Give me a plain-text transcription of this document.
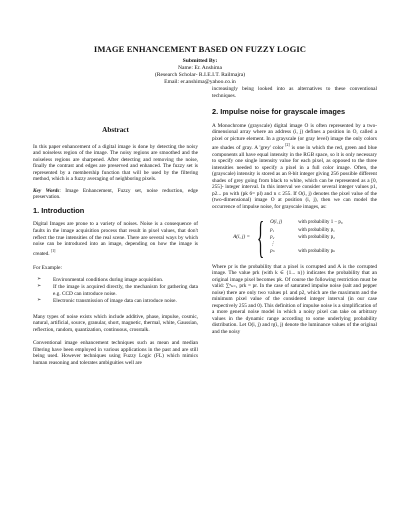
IMAGE ENHANCEMENT BASED ON FUZZY LOGIC
Submitted By:
Name: Er. Anshima
(Research Scholar- R.I.E.I.T. Railmajra)
Email: er.anshima@yahoo.co.in
Abstract

In this paper enhancement of a digital image is done by detecting the noisy and noiseless region of the image. The noisy regions are smoothed and the noiseless regions are sharpened. After detecting and removing the noise, finally the contrast and edges are preserved and enhanced. The fuzzy set is represented by a membership function that will be used by the filtering method, which is a fuzzy averaging of neighboring pixels.

Key Words: Image Enhancement, Fuzzy set, noise reduction, edge preservation.

1. Introduction

Digital Images are prone to a variety of noises. Noise is a consequence of faults in the image acquisition process that result in pixel values, that don't reflect the true intensities of the real scene. There are several ways by which noise can be introduced into an image, depending on how the image is created. [1]

For Example:

➢ Environmental conditions during image acquisition.
➢ If the image is acquired directly, the mechanism for gathering data e.g. CCD can introduce noise.
➢ Electronic transmission of image data can introduce noise.

Many types of noise exists which include additive, phase, impulse, cosmic, natural, artificial, source, granular, short, magnetic, thermal, white, Gaussian, reflection, random, quantization, continuous, crosstalk.

Conventional image enhancement techniques such as mean and median filtering have been employed in various applications in the past and are still being used. However techniques using Fuzzy Logic (FL) which mimics human reasoning and tolerates ambiguities well are

increasingly being looked into as alternatives to these conventional techniques.

2. Impulse noise for grayscale images

A Monochrome (grayscale) digital image O is often represented by a two-dimensional array where an address (i, j) defines a position in O, called a pixel or picture element. In a grayscale (or gray level) image the only colors are shades of gray. A 'grey' color [2] is one in which the red, green and blue components all have equal intensity in the RGB space, so it is only necessary to specify one single intensity value for each pixel, as opposed to the three intensities needed to specify a pixel in a full color image. Often, the (grayscale) intensity is stored as an 8-bit integer giving 256 possible different shades of grey going from black to white, which can be represented as a [0, 255]- integer interval. In this interval we consider several integer values p1, p2... pn with (pk 6= pl) and n ≤ 255. If O(i, j) denotes the pixel value of the (two-dimensional) image O at position (i, j), then we can model the occurrence of impulse noise, for grayscale images, as:

A(i, j) = { O(i, j)	with probability 1 − p₀
p₁	with probability p₁
p₂	with probability p₂
⋮	
pₙ	with probability pₙ

Where pr is the probability that a pixel is corrupted and A is the corrupted image. The value prk (with k ∈ {1... n}) indicates the probability that an original image pixel becomes pk. Of course the following restriction must be valid: ∑ⁿₖ₌₁ prk = pr. In the case of saturated impulse noise (salt and pepper noise) there are only two values p1 and p2, which are the maximum and the minimum pixel value of the considered integer interval (in our case respectively 255 and 0). This definition of impulse noise is a simplification of a more general noise model in which a noisy pixel can take on arbitrary values in the dynamic range according to some underlying probability distribution. Let O(i, j) and η(i, j) denote the luminance values of the original and the noisy
